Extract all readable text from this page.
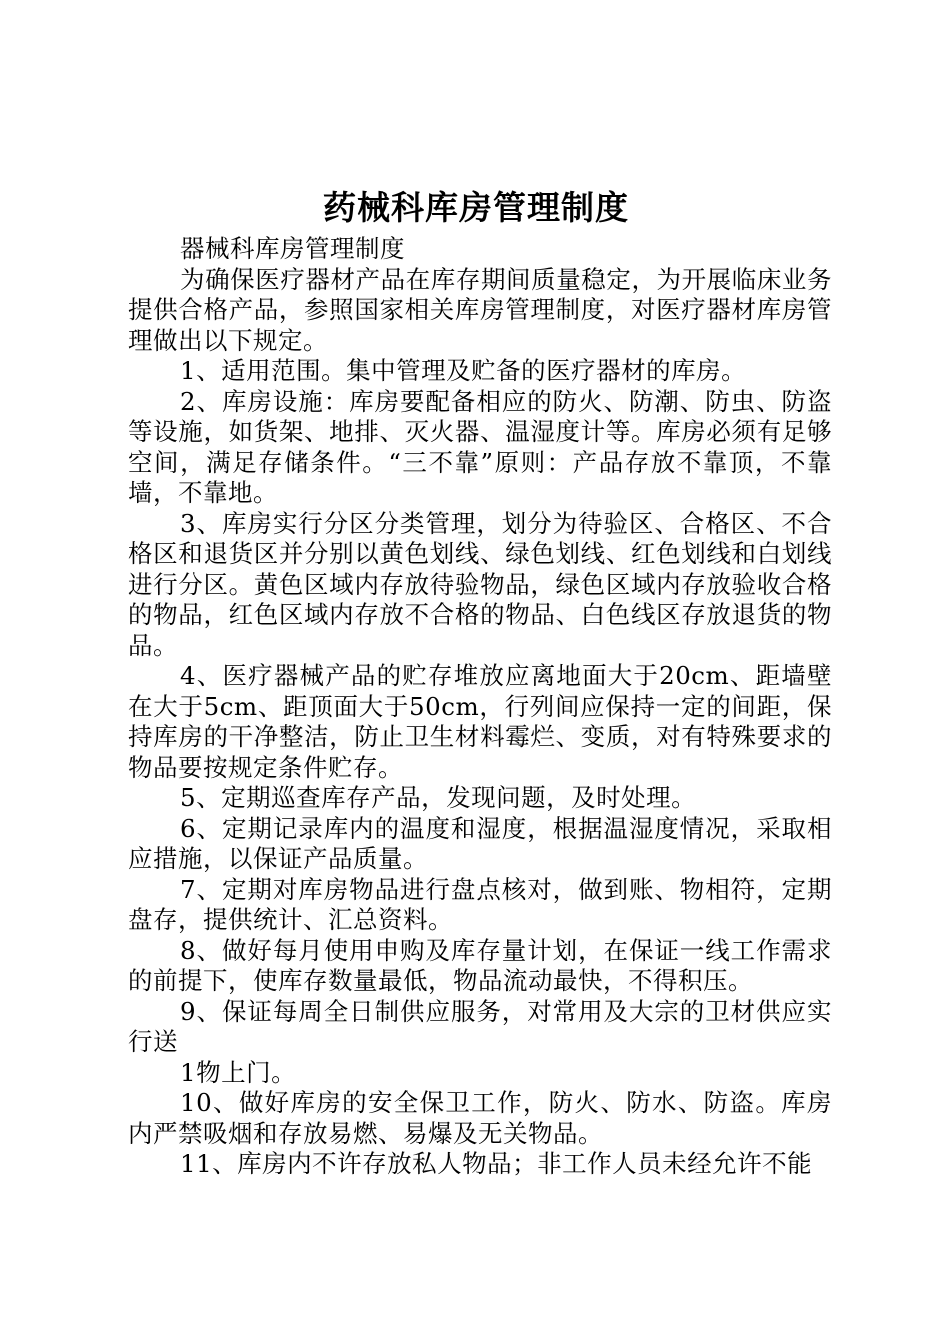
药械科库房管理制度

器械科库房管理制度

为确保医疗器材产品在库存期间质量稳定，为开展临床业务提供合格产品，参照国家相关库房管理制度，对医疗器材库房管理做出以下规定。

1、适用范围。集中管理及贮备的医疗器材的库房。

2、库房设施：库房要配备相应的防火、防潮、防虫、防盗等设施，如货架、地排、灭火器、温湿度计等。库房必须有足够空间，满足存储条件。“三不靠”原则：产品存放不靠顶，不靠墙，不靠地。

3、库房实行分区分类管理，划分为待验区、合格区、不合格区和退货区并分别以黄色划线、绿色划线、红色划线和白划线进行分区。黄色区域内存放待验物品，绿色区域内存放验收合格的物品，红色区域内存放不合格的物品、白色线区存放退货的物品。

4、医疗器械产品的贮存堆放应离地面大于20cm、距墙壁在大于5cm、距顶面大于50cm，行列间应保持一定的间距，保持库房的干净整洁，防止卫生材料霉烂、变质，对有特殊要求的物品要按规定条件贮存。

5、定期巡查库存产品，发现问题，及时处理。

6、定期记录库内的温度和湿度，根据温湿度情况，采取相应措施，以保证产品质量。

7、定期对库房物品进行盘点核对，做到账、物相符，定期盘存，提供统计、汇总资料。

8、做好每月使用申购及库存量计划，在保证一线工作需求的前提下，使库存数量最低，物品流动最快，不得积压。

9、保证每周全日制供应服务，对常用及大宗的卫材供应实行送

1物上门。

10、做好库房的安全保卫工作，防火、防水、防盗。库房内严禁吸烟和存放易燃、易爆及无关物品。

11、库房内不许存放私人物品；非工作人员未经允许不能
